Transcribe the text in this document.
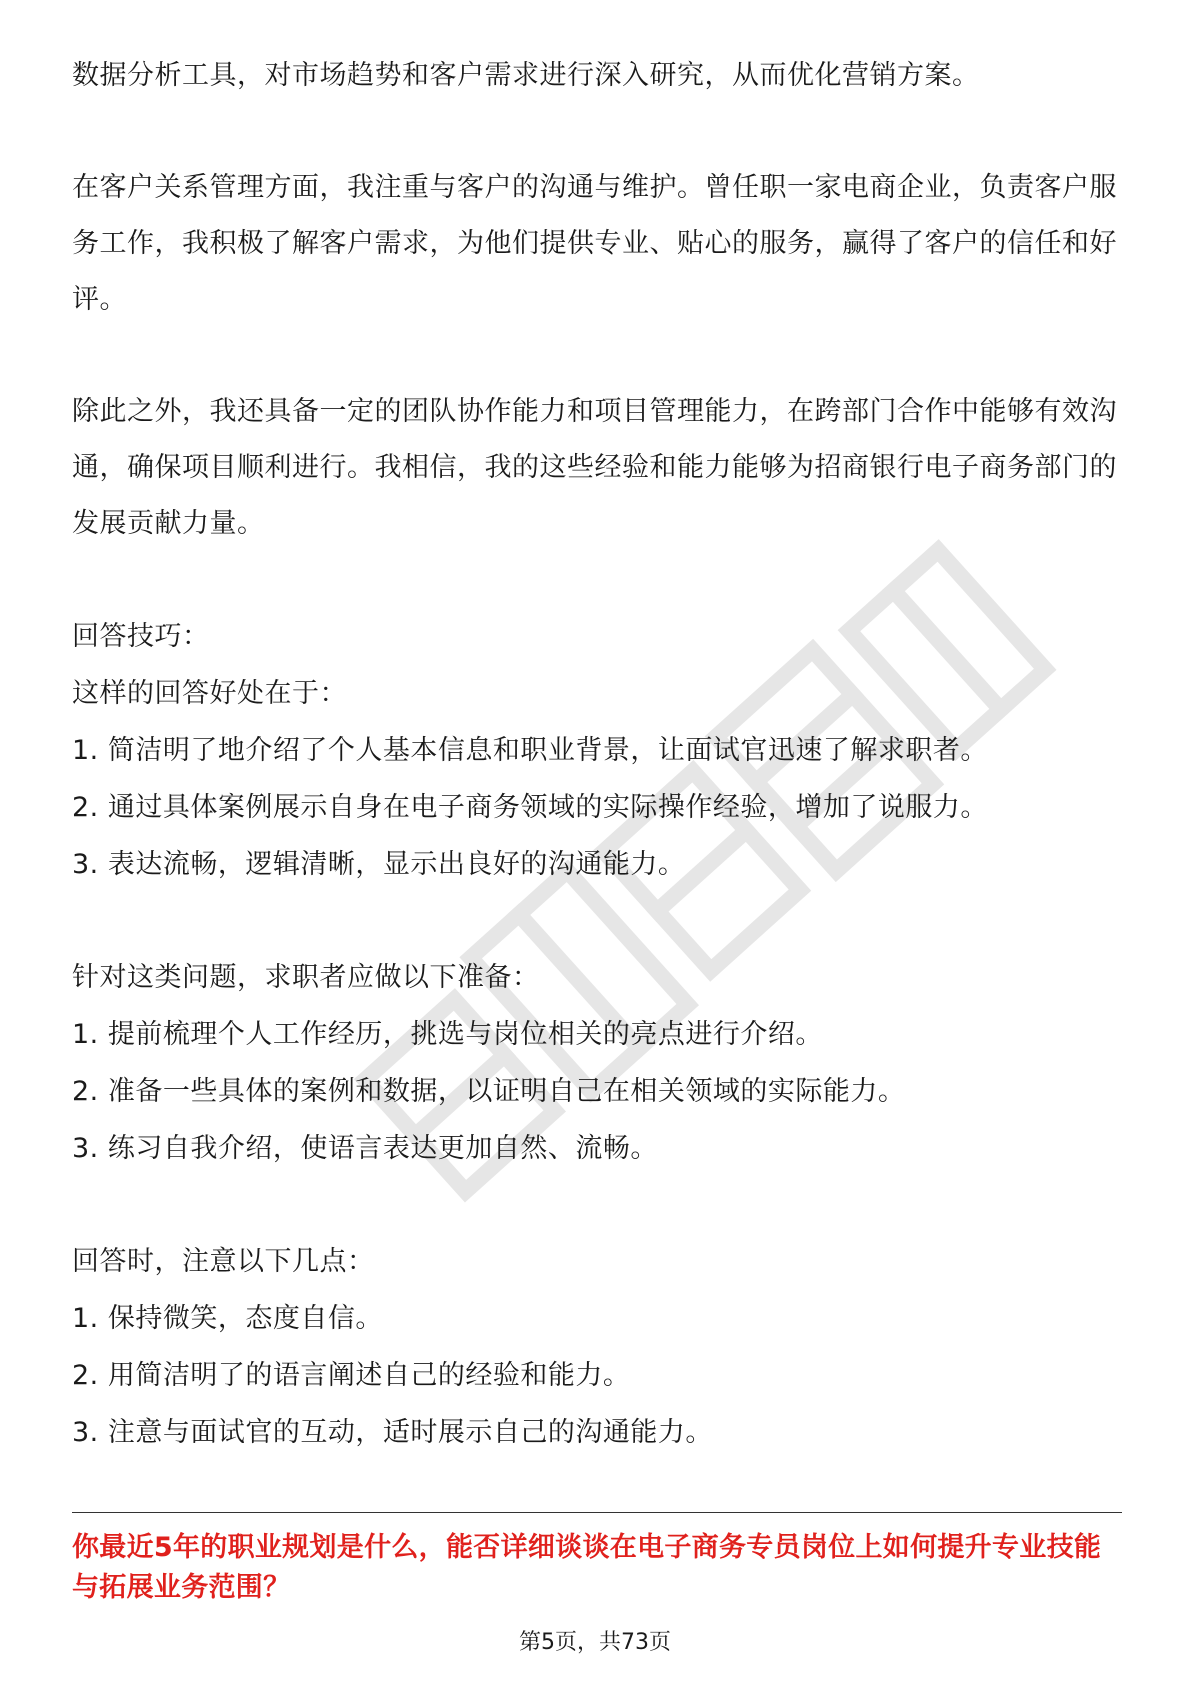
数据分析工具，对市场趋势和客户需求进行深入研究，从而优化营销方案。

在客户关系管理方面，我注重与客户的沟通与维护。曾任职一家电商企业，负责客户服务工作，我积极了解客户需求，为他们提供专业、贴心的服务，赢得了客户的信任和好评。

除此之外，我还具备一定的团队协作能力和项目管理能力，在跨部门合作中能够有效沟通，确保项目顺利进行。我相信，我的这些经验和能力能够为招商银行电子商务部门的发展贡献力量。

回答技巧：

这样的回答好处在于：

1. 简洁明了地介绍了个人基本信息和职业背景，让面试官迅速了解求职者。

2. 通过具体案例展示自身在电子商务领域的实际操作经验，增加了说服力。

3. 表达流畅，逻辑清晰，显示出良好的沟通能力。

针对这类问题，求职者应做以下准备：

1. 提前梳理个人工作经历，挑选与岗位相关的亮点进行介绍。

2. 准备一些具体的案例和数据，以证明自己在相关领域的实际能力。

3. 练习自我介绍，使语言表达更加自然、流畅。

回答时，注意以下几点：

1. 保持微笑，态度自信。

2. 用简洁明了的语言阐述自己的经验和能力。

3. 注意与面试官的互动，适时展示自己的沟通能力。

你最近5年的职业规划是什么，能否详细谈谈在电子商务专员岗位上如何提升专业技能与拓展业务范围？

第5页，共73页
